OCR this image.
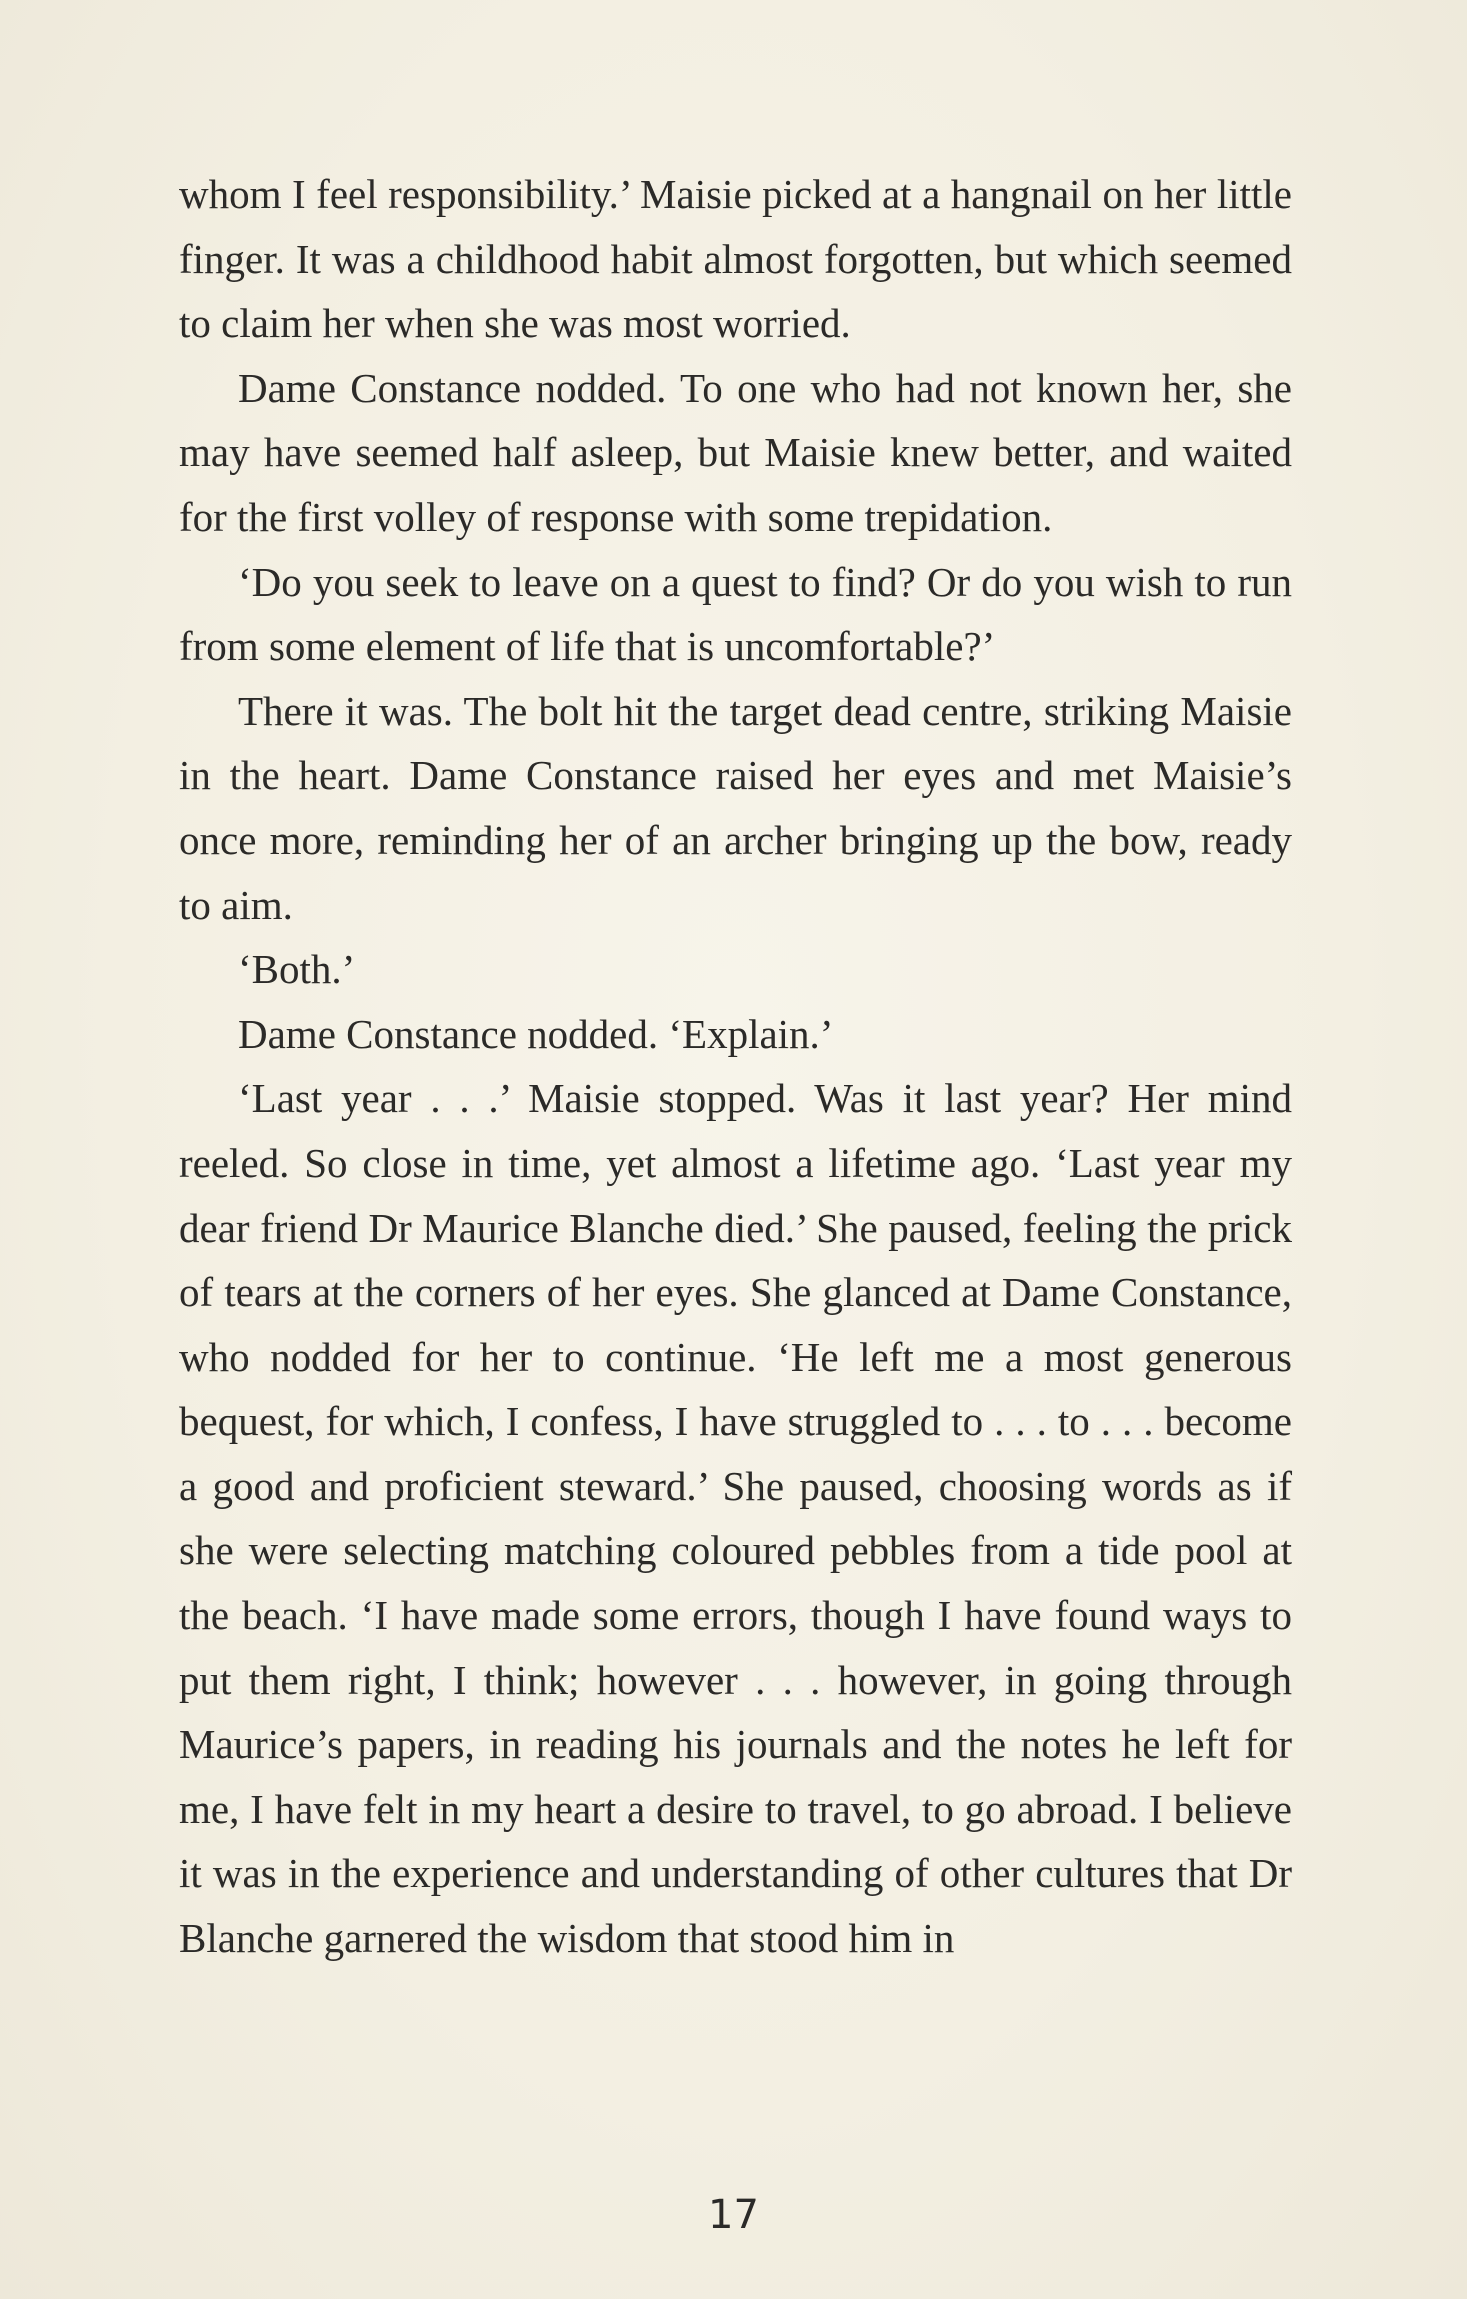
whom I feel responsibility.’ Maisie picked at a hangnail on her little finger. It was a childhood habit almost forgotten, but which seemed to claim her when she was most worried.

Dame Constance nodded. To one who had not known her, she may have seemed half asleep, but Maisie knew better, and waited for the first volley of response with some trepidation.

‘Do you seek to leave on a quest to find? Or do you wish to run from some element of life that is uncomfortable?’

There it was. The bolt hit the target dead centre, striking Maisie in the heart. Dame Constance raised her eyes and met Maisie’s once more, reminding her of an archer bringing up the bow, ready to aim.

‘Both.’

Dame Constance nodded. ‘Explain.’

‘Last year . . .’ Maisie stopped. Was it last year? Her mind reeled. So close in time, yet almost a lifetime ago. ‘Last year my dear friend Dr Maurice Blanche died.’ She paused, feeling the prick of tears at the corners of her eyes. She glanced at Dame Constance, who nodded for her to continue. ‘He left me a most generous bequest, for which, I confess, I have struggled to . . . to . . . become a good and proficient steward.’ She paused, choosing words as if she were selecting matching coloured pebbles from a tide pool at the beach. ‘I have made some errors, though I have found ways to put them right, I think; however . . . however, in going through Maurice’s papers, in reading his journals and the notes he left for me, I have felt in my heart a desire to travel, to go abroad. I believe it was in the experience and understanding of other cultures that Dr Blanche garnered the wisdom that stood him in

17
